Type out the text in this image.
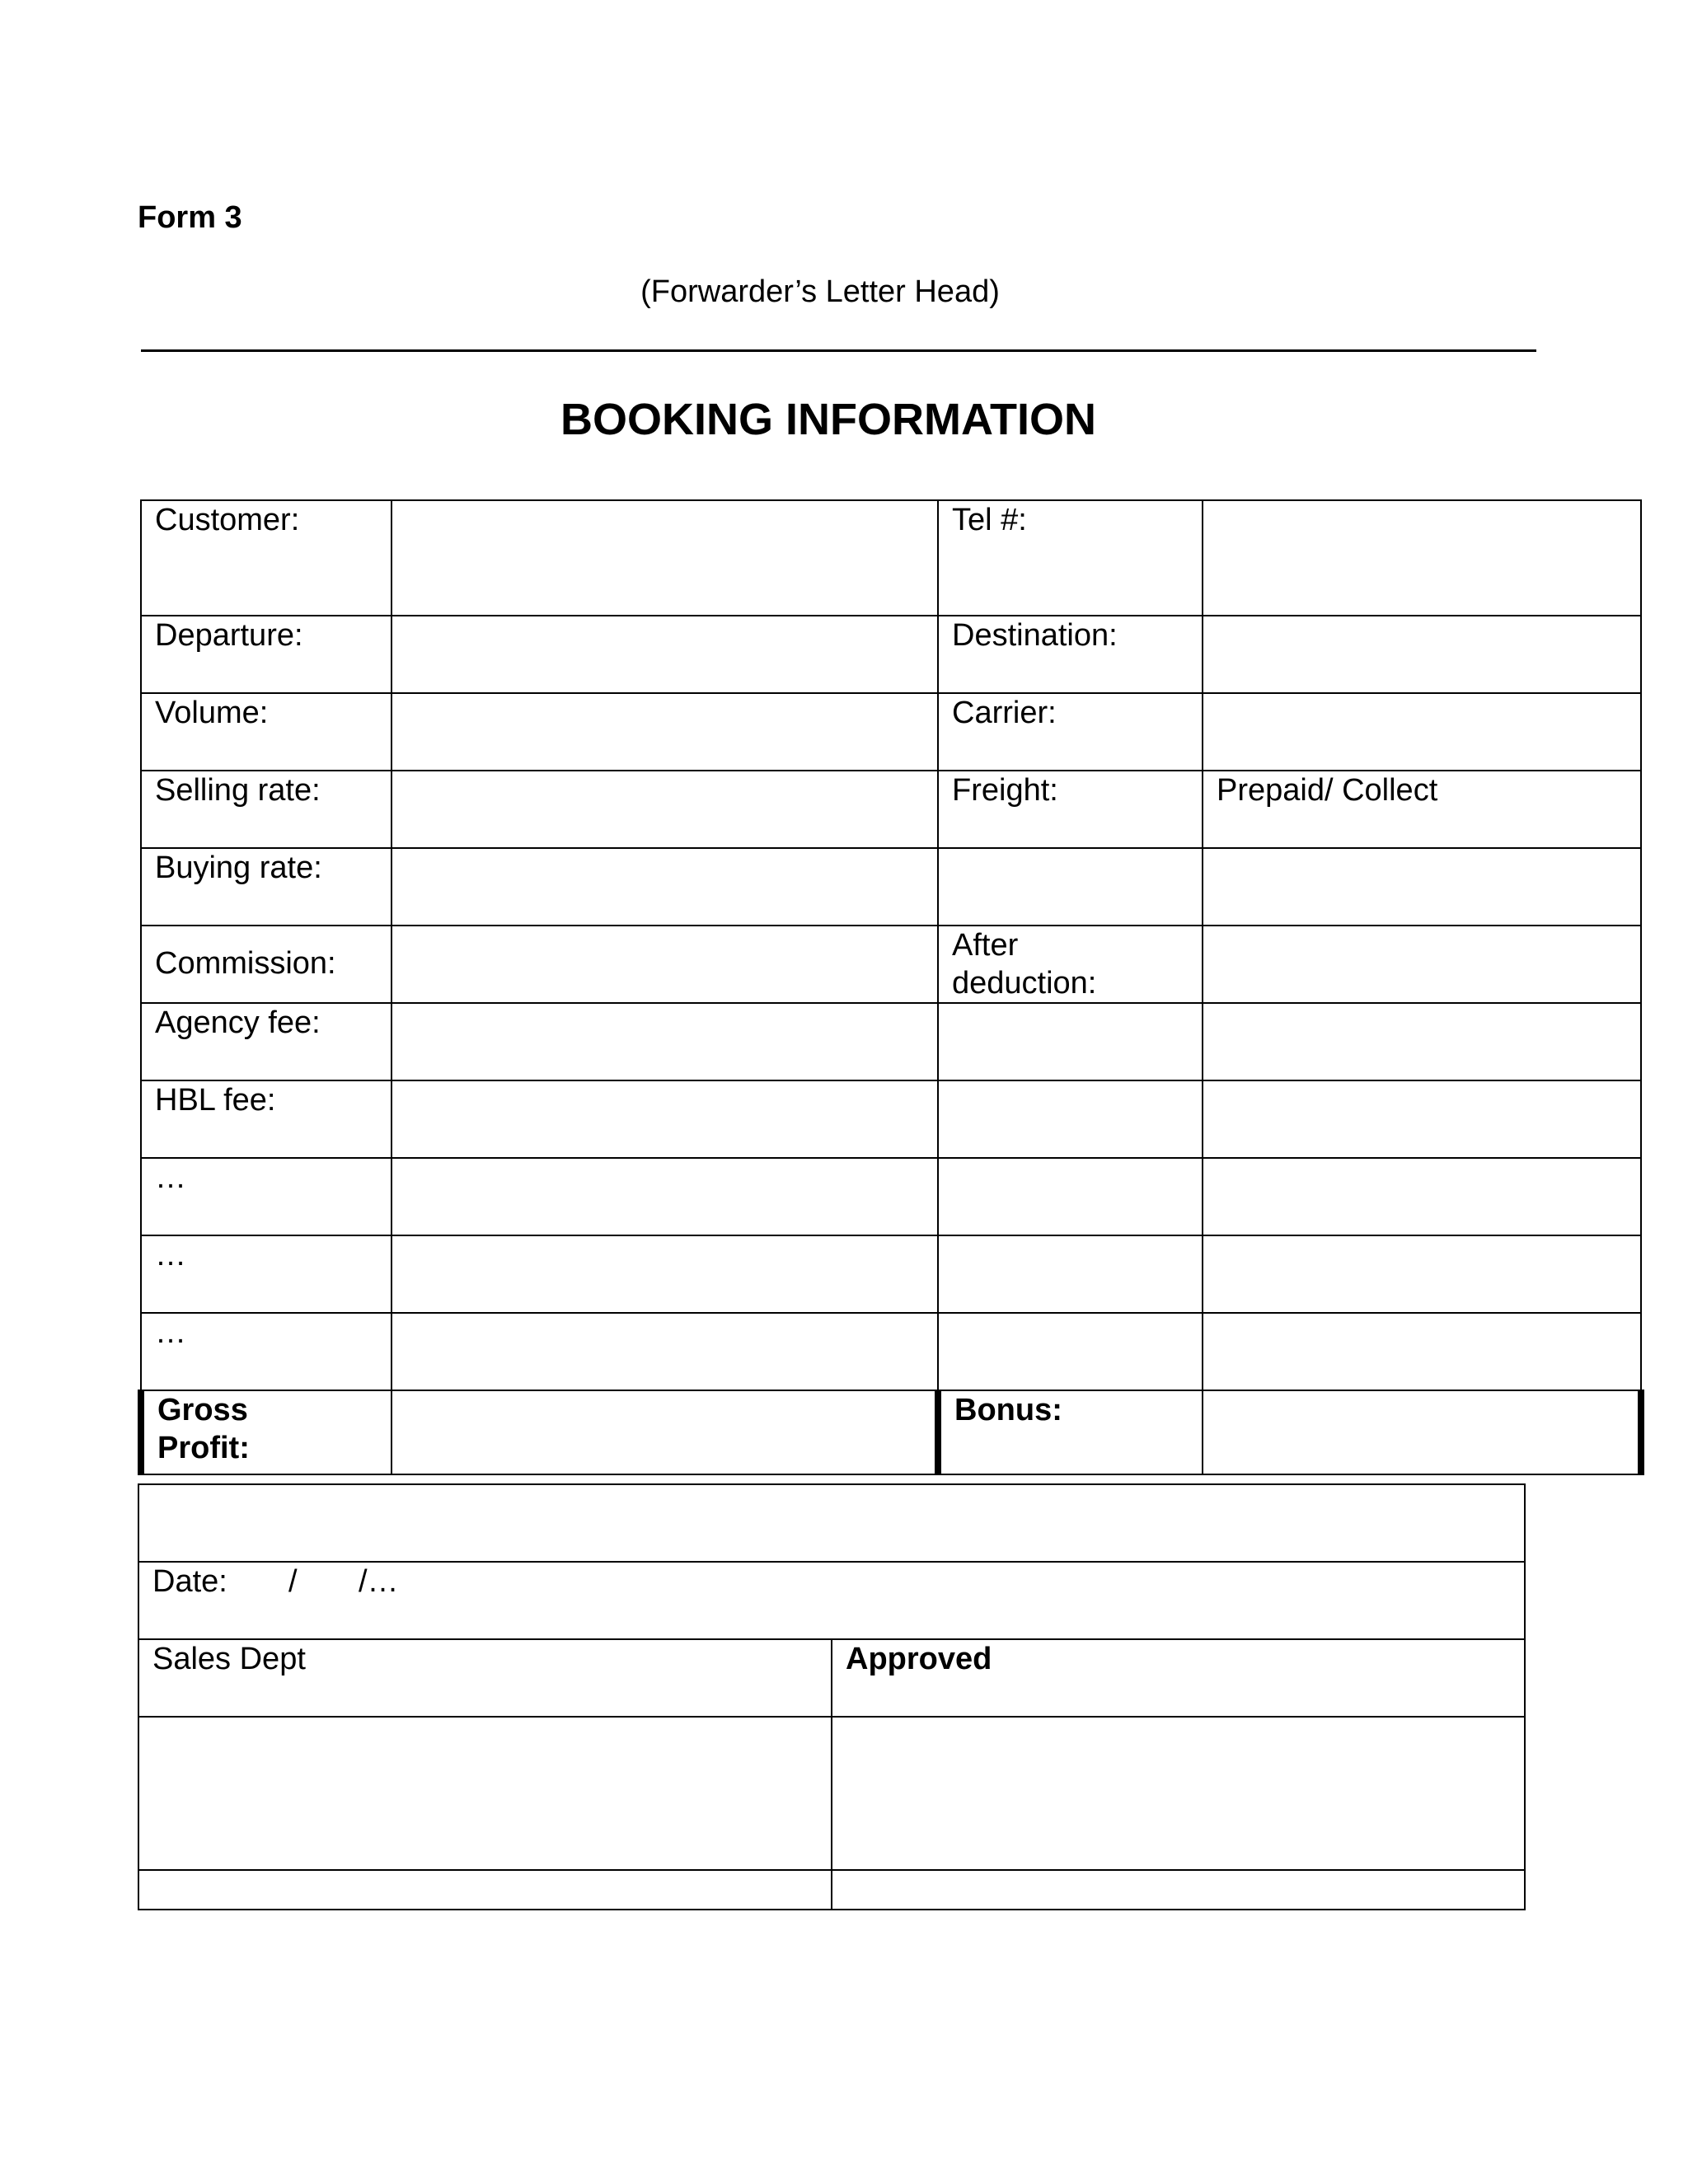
Form 3
(Forwarder’s Letter Head)
BOOKING INFORMATION
Customer:		Tel #:	
Departure:		Destination:	
Volume:		Carrier:	
Selling rate:		Freight:	Prepaid/ Collect
Buying rate:			
Commission:		After deduction:	
Agency fee:			
HBL fee:			
…			
…			
…			
Gross Profit:		Bonus:	

Date: / /…	
Sales Dept	Approved
